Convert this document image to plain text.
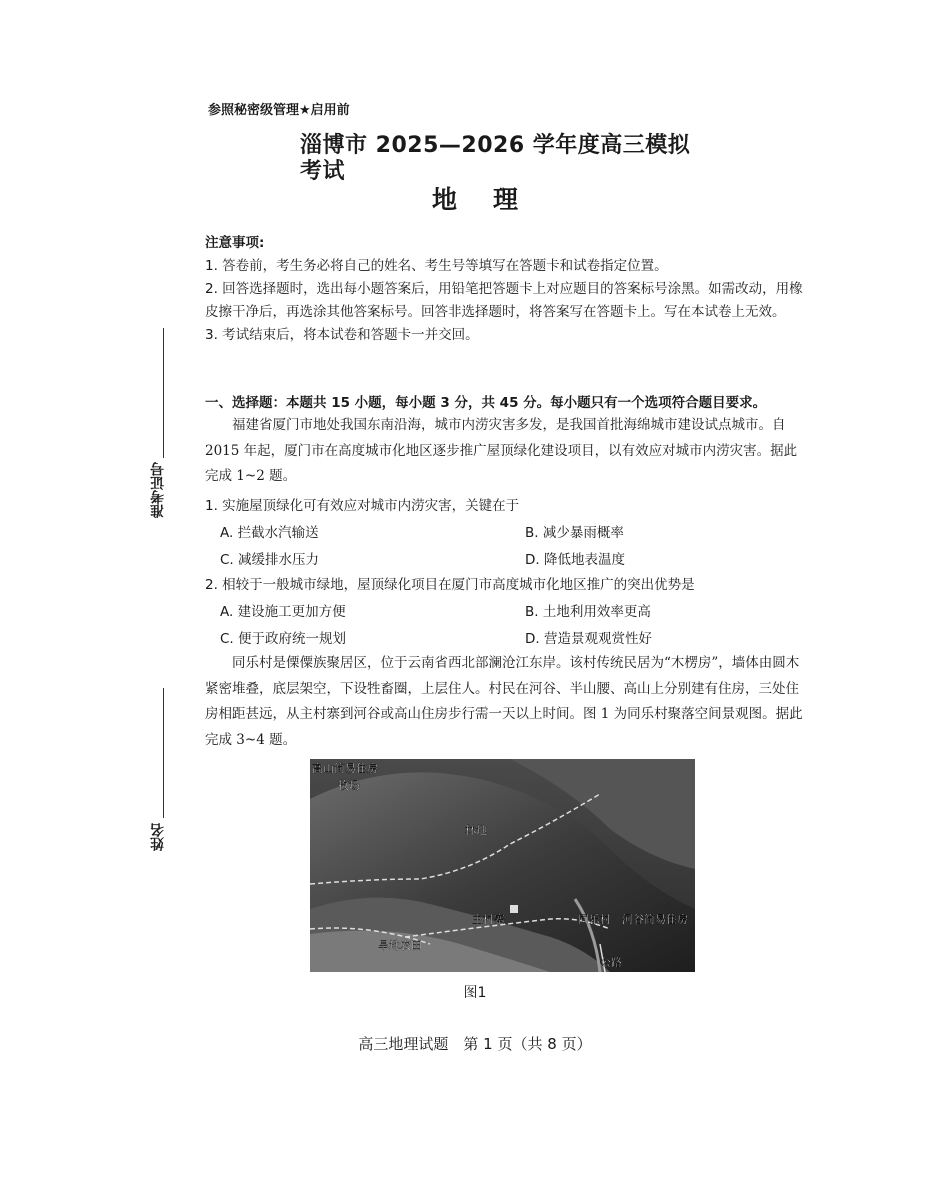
参照秘密级管理★启用前
淄博市 2025—2026 学年度高三模拟考试
地理
注意事项:
1. 答卷前，考生务必将自己的姓名、考生号等填写在答题卡和试卷指定位置。
2. 回答选择题时，选出每小题答案后，用铅笔把答题卡上对应题目的答案标号涂黑。如需改动，用橡皮擦干净后，再选涂其他答案标号。回答非选择题时，将答案写在答题卡上。写在本试卷上无效。
3. 考试结束后，将本试卷和答题卡一并交回。
准考证号
姓名
一、选择题：本题共 15 小题，每小题 3 分，共 45 分。每小题只有一个选项符合题目要求。
福建省厦门市地处我国东南沿海，城市内涝灾害多发，是我国首批海绵城市建设试点城市。自 2015 年起，厦门市在高度城市化地区逐步推广屋顶绿化建设项目，以有效应对城市内涝灾害。据此完成 1~2 题。
1. 实施屋顶绿化可有效应对城市内涝灾害，关键在于
A. 拦截水汽输送	B. 减少暴雨概率
C. 减缓排水压力	D. 降低地表温度
2. 相较于一般城市绿地，屋顶绿化项目在厦门市高度城市化地区推广的突出优势是
A. 建设施工更加方便	B. 土地利用效率更高
C. 便于政府统一规划	D. 营造景观观赏性好
同乐村是傈僳族聚居区，位于云南省西北部澜沧江东岸。该村传统民居为“木楞房”，墙体由圆木紧密堆叠，底层架空，下设牲畜圈，上层住人。村民在河谷、半山腰、高山上分别建有住房，三处住房相距甚远，从主村寨到河谷或高山住房步行需一天以上时间。图 1 为同乐村聚落空间景观图。据此完成 3~4 题。
高山简易住房
牧场
林地
主村寨
旱地农田
同乐村 河谷简易住房
公路
图1
高三地理试题　第 1 页（共 8 页）
